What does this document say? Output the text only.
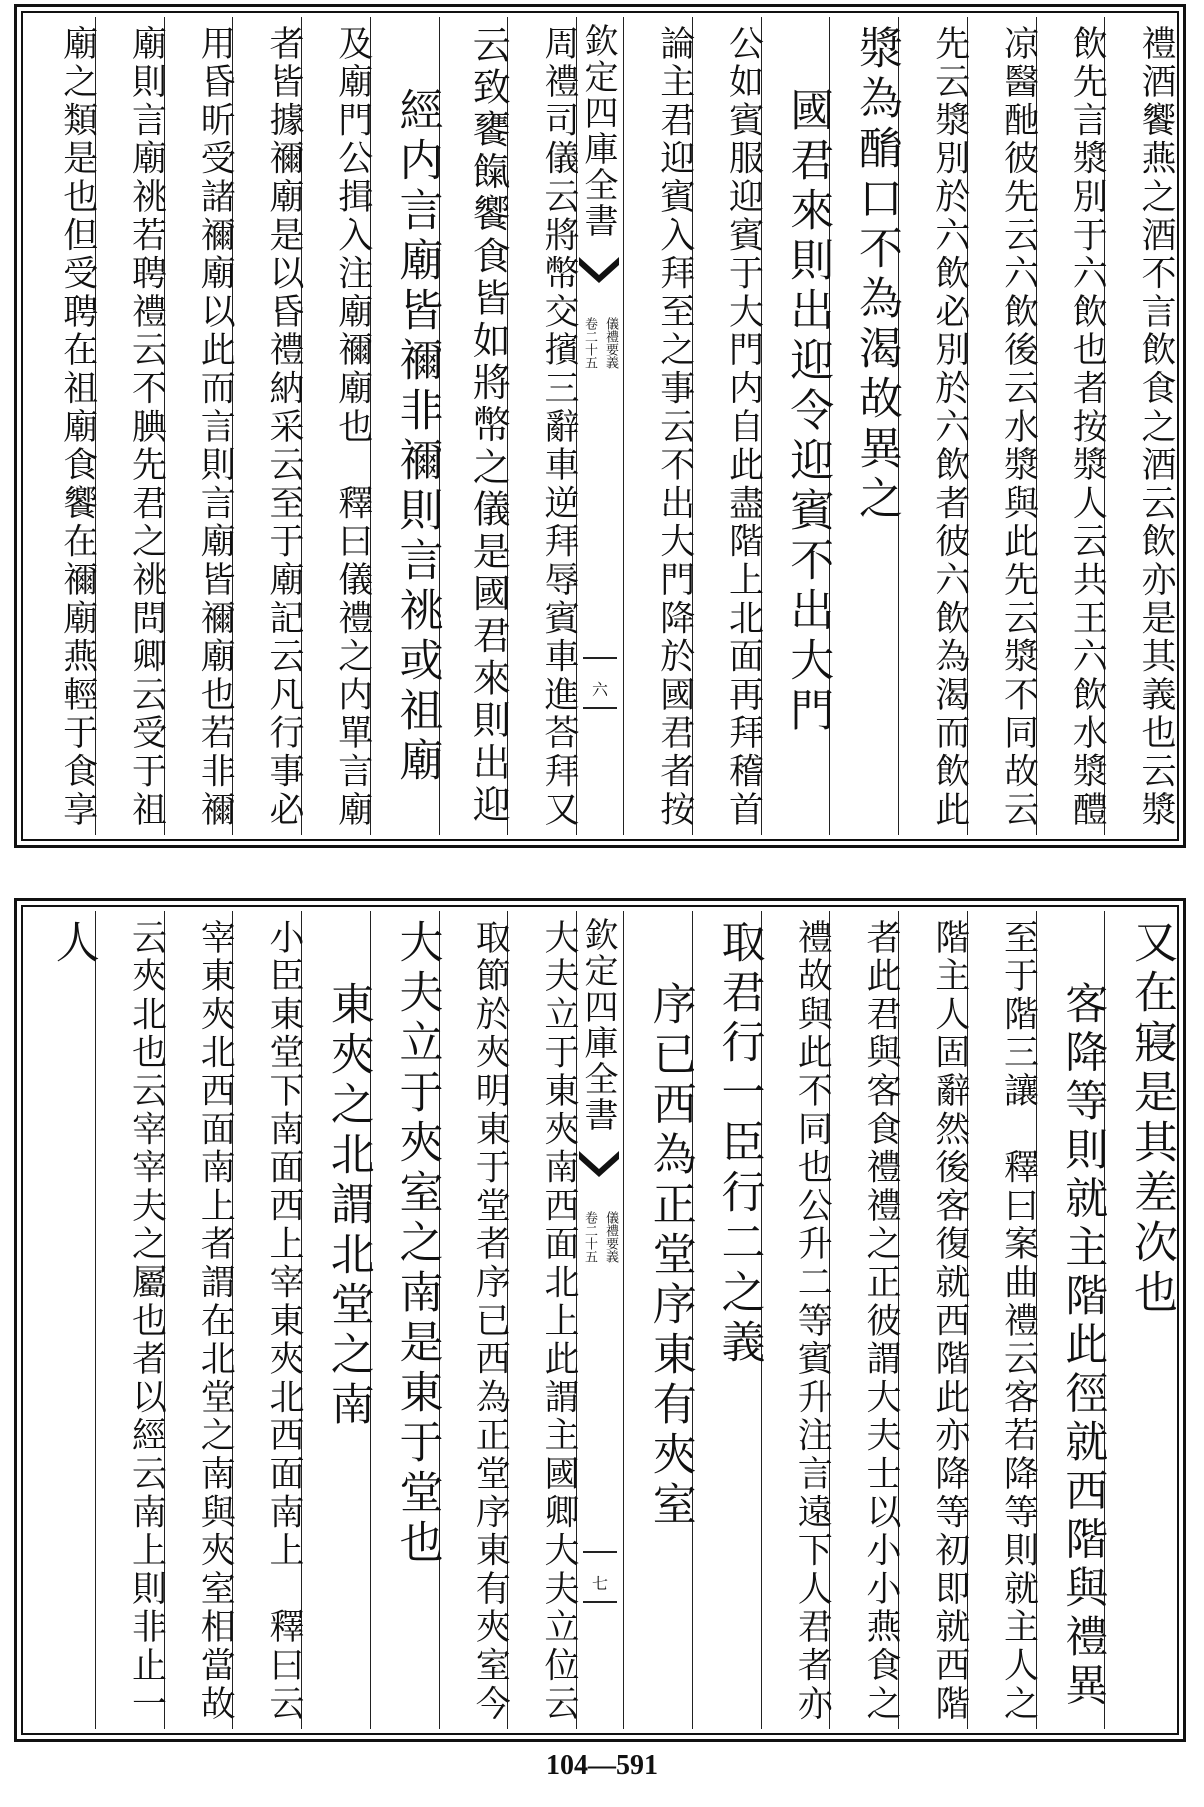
禮酒饗燕之酒不言飲食之酒云飲亦是其義也云漿
飲先言漿別于六飲也者按漿人云共王六飲水漿醴
凉醫酏彼先云六飲後云水漿與此先云漿不同故云
先云漿別於六飲必別於六飲者彼六飲為渴而飲此
漿為酳口不為渴故異之
國君來則出迎令迎賓不出大門
公如賓服迎賓于大門内自此盡階上北面再拜稽首
論主君迎賓入拜至之事云不出大門降於國君者按
欽定四庫全書
儀禮要義
卷二十五
六
周禮司儀云將幣交擯三辭車逆拜辱賓車進荅拜又
云致饔餼饗食皆如將幣之儀是國君來則出迎
經内言廟皆禰非禰則言祧或祖廟
及廟門公揖入注廟禰廟也　釋曰儀禮之内單言廟
者皆據禰廟是以昏禮納采云至于廟記云凡行事必
用昏昕受諸禰廟以此而言則言廟皆禰廟也若非禰
廟則言廟祧若聘禮云不腆先君之祧問卿云受于祖
廟之類是也但受聘在祖廟食饗在禰廟燕輕于食享
又在寢是其差次也
客降等則就主階此徑就西階與禮異
至于階三讓　釋曰案曲禮云客若降等則就主人之
階主人固辭然後客復就西階此亦降等初即就西階
者此君與客食禮禮之正彼謂大夫士以小小燕食之
禮故與此不同也公升二等賓升注言遠下人君者亦
取君行一臣行二之義
序已西為正堂序東有夾室
欽定四庫全書
儀禮要義
卷二十五
七
大夫立于東夾南西面北上此謂主國卿大夫立位云
取節於夾明東于堂者序已西為正堂序東有夾室今
大夫立于夾室之南是東于堂也
東夾之北謂北堂之南
小臣東堂下南面西上宰東夾北西面南上　釋曰云
宰東夾北西面南上者謂在北堂之南與夾室相當故
云夾北也云宰宰夫之屬也者以經云南上則非止一
人
104—591
